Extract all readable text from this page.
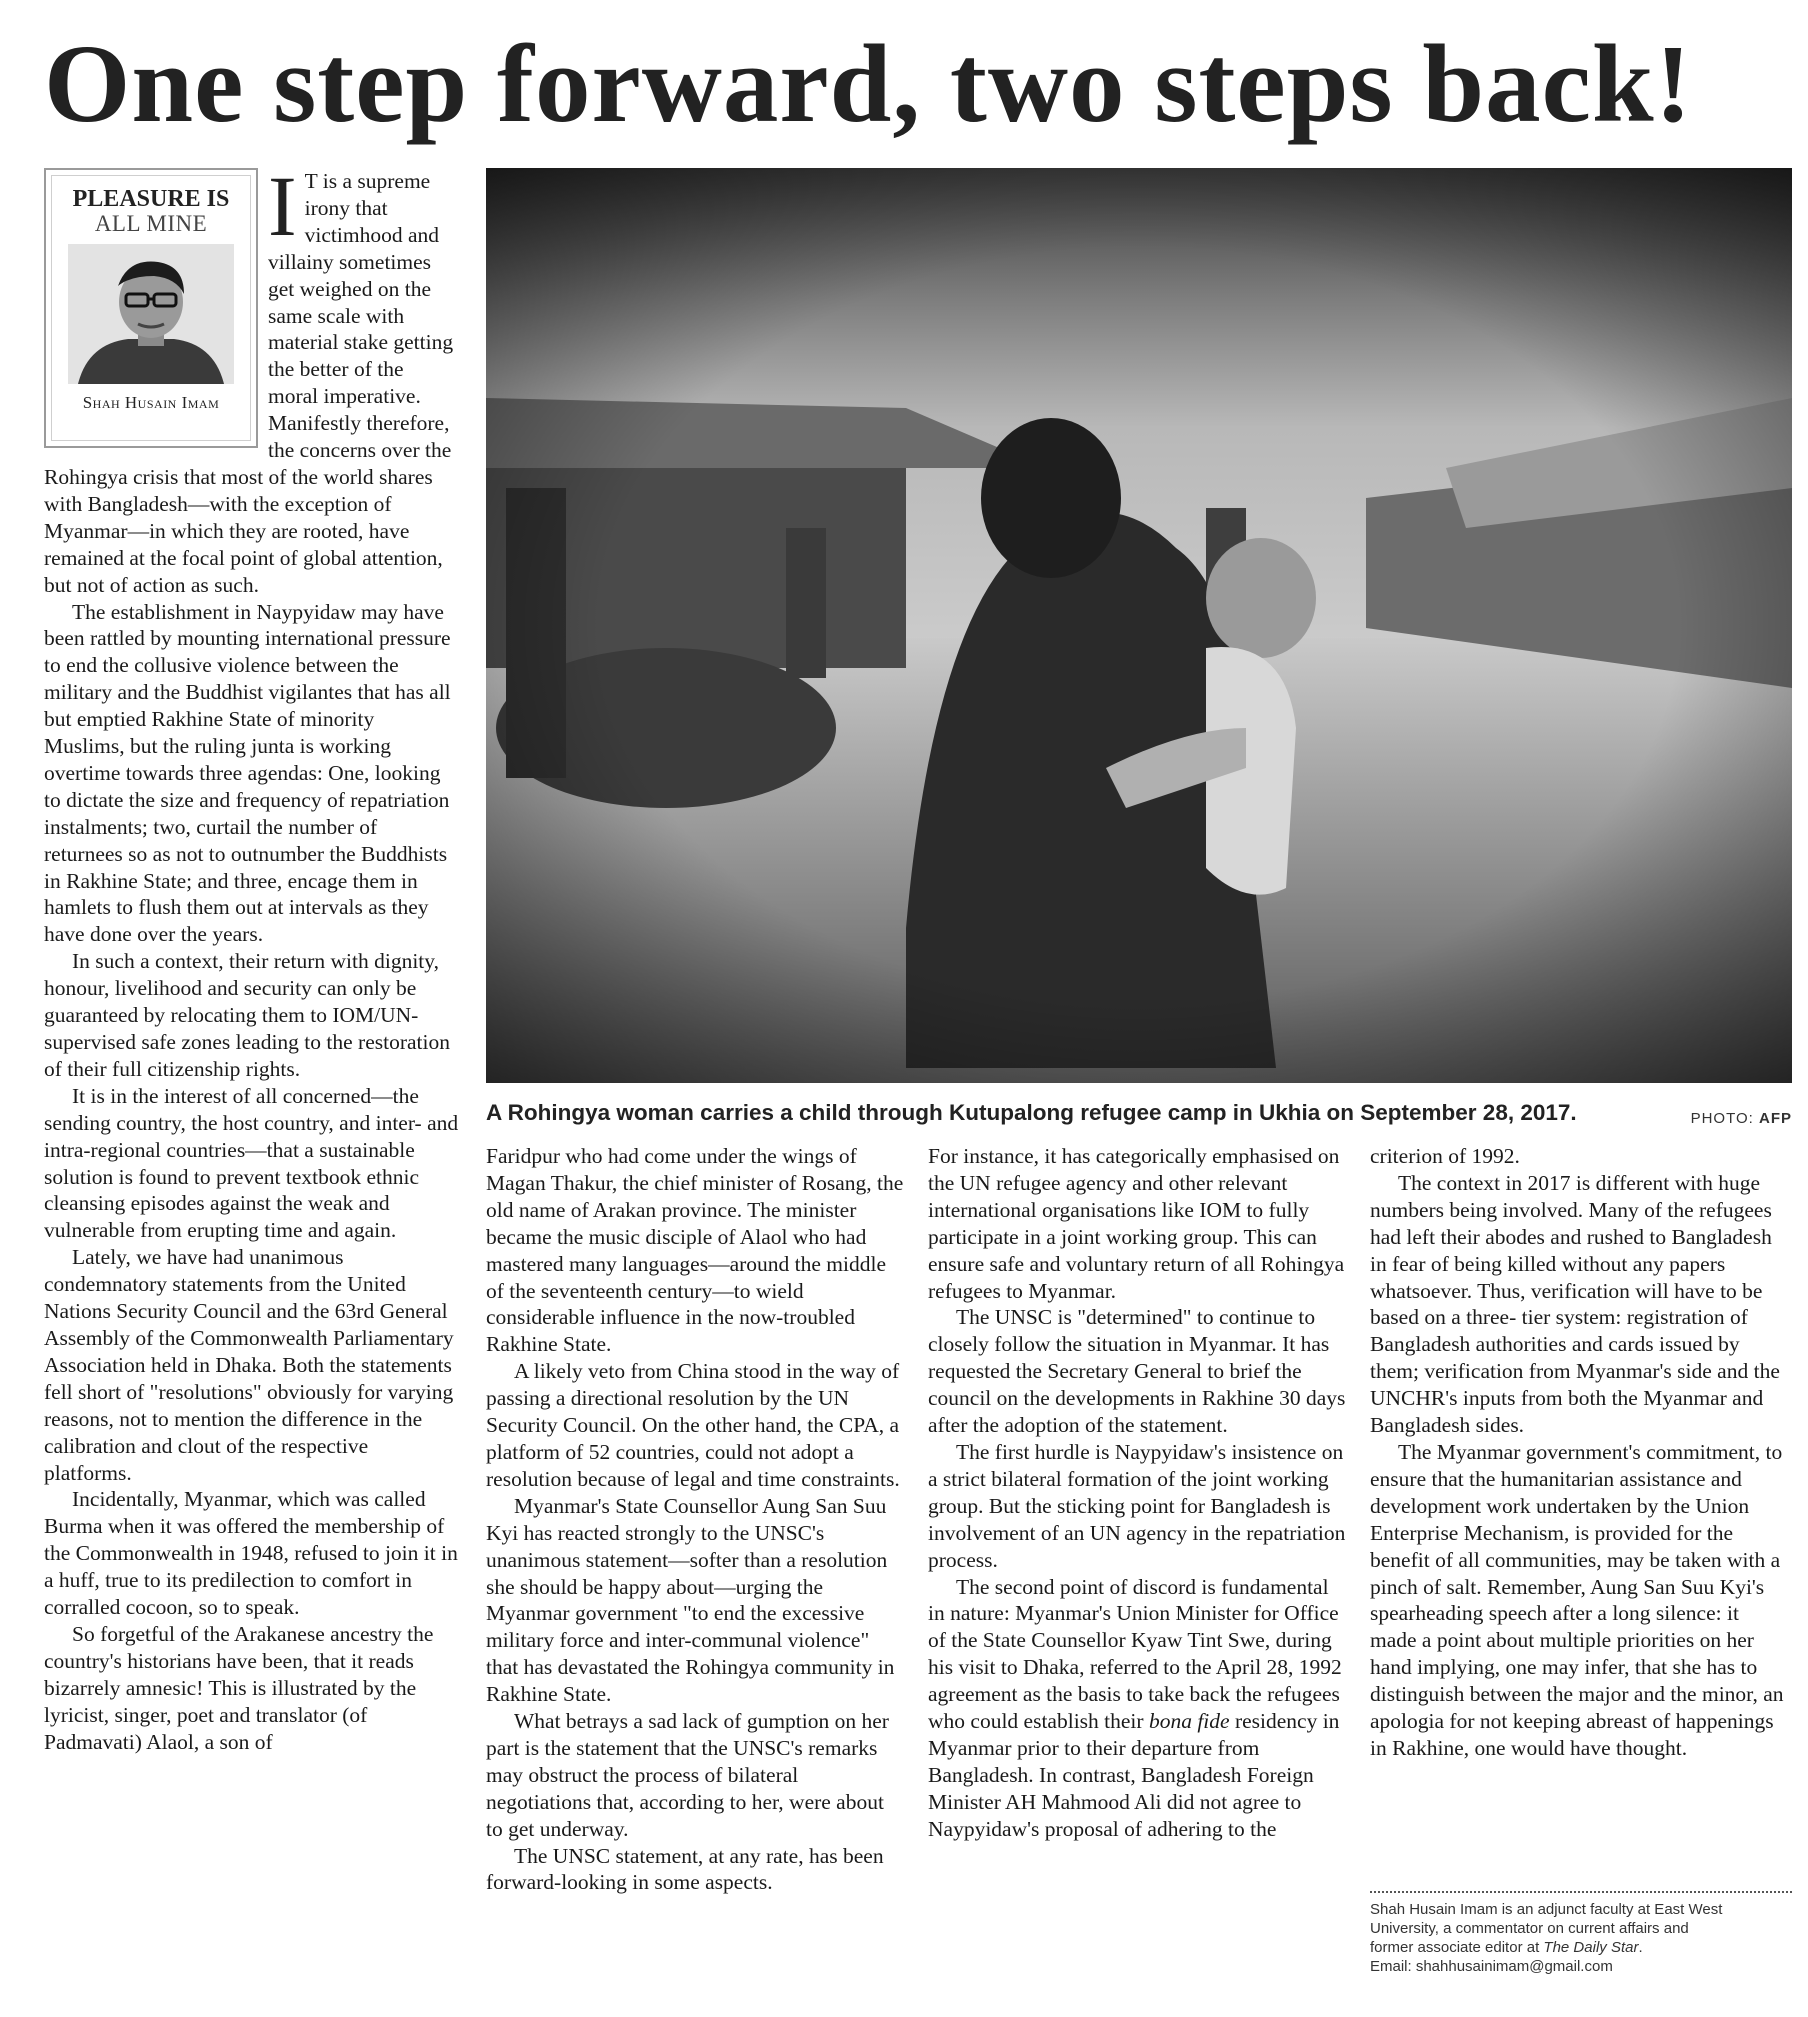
One step forward, two steps back!
PLEASURE IS
ALL MINE
Shah Husain Imam
I T is a supreme irony that victimhood and villainy sometimes get weighed on the same scale with material stake getting the better of the moral imperative. Manifestly therefore, the concerns over the Rohingya crisis that most of the world shares with Bangladesh—with the exception of Myanmar—in which they are rooted, have remained at the focal point of global attention, but not of action as such.

The establishment in Naypyidaw may have been rattled by mounting international pressure to end the collusive violence between the military and the Buddhist vigilantes that has all but emptied Rakhine State of minority Muslims, but the ruling junta is working overtime towards three agendas: One, looking to dictate the size and frequency of repatriation instalments; two, curtail the number of returnees so as not to outnumber the Buddhists in Rakhine State; and three, encage them in hamlets to flush them out at intervals as they have done over the years.

In such a context, their return with dignity, honour, livelihood and security can only be guaranteed by relocating them to IOM/UN-supervised safe zones leading to the restoration of their full citizenship rights.

It is in the interest of all concerned—the sending country, the host country, and inter- and intra-regional countries—that a sustainable solution is found to prevent textbook ethnic cleansing episodes against the weak and vulnerable from erupting time and again.

Lately, we have had unanimous condemnatory statements from the United Nations Security Council and the 63rd General Assembly of the Commonwealth Parliamentary Association held in Dhaka. Both the statements fell short of "resolutions" obviously for varying reasons, not to mention the difference in the calibration and clout of the respective platforms.

Incidentally, Myanmar, which was called Burma when it was offered the membership of the Commonwealth in 1948, refused to join it in a huff, true to its predilection to comfort in corralled cocoon, so to speak.

So forgetful of the Arakanese ancestry the country's historians have been, that it reads bizarrely amnesic! This is illustrated by the lyricist, singer, poet and translator (of Padmavati) Alaol, a son of

A Rohingya woman carries a child through Kutupalong refugee camp in Ukhia on September 28, 2017.	PHOTO: AFP

Faridpur who had come under the wings of Magan Thakur, the chief minister of Rosang, the old name of Arakan province. The minister became the music disciple of Alaol who had mastered many languages—around the middle of the seventeenth century—to wield considerable influence in the now-troubled Rakhine State.

A likely veto from China stood in the way of passing a directional resolution by the UN Security Council. On the other hand, the CPA, a platform of 52 countries, could not adopt a resolution because of legal and time constraints.

Myanmar's State Counsellor Aung San Suu Kyi has reacted strongly to the UNSC's unanimous statement—softer than a resolution she should be happy about—urging the Myanmar government "to end the excessive military force and inter-communal violence" that has devastated the Rohingya community in Rakhine State.

What betrays a sad lack of gumption on her part is the statement that the UNSC's remarks may obstruct the process of bilateral negotiations that, according to her, were about to get underway.

The UNSC statement, at any rate, has been forward-looking in some aspects.

For instance, it has categorically emphasised on the UN refugee agency and other relevant international organisations like IOM to fully participate in a joint working group. This can ensure safe and voluntary return of all Rohingya refugees to Myanmar.

The UNSC is "determined" to continue to closely follow the situation in Myanmar. It has requested the Secretary General to brief the council on the developments in Rakhine 30 days after the adoption of the statement.

The first hurdle is Naypyidaw's insistence on a strict bilateral formation of the joint working group. But the sticking point for Bangladesh is involvement of an UN agency in the repatriation process.

The second point of discord is fundamental in nature: Myanmar's Union Minister for Office of the State Counsellor Kyaw Tint Swe, during his visit to Dhaka, referred to the April 28, 1992 agreement as the basis to take back the refugees who could establish their bona fide residency in Myanmar prior to their departure from Bangladesh. In contrast, Bangladesh Foreign Minister AH Mahmood Ali did not agree to Naypyidaw's proposal of adhering to the

criterion of 1992.

The context in 2017 is different with huge numbers being involved. Many of the refugees had left their abodes and rushed to Bangladesh in fear of being killed without any papers whatsoever. Thus, verification will have to be based on a three- tier system: registration of Bangladesh authorities and cards issued by them; verification from Myanmar's side and the UNCHR's inputs from both the Myanmar and Bangladesh sides.

The Myanmar government's commitment, to ensure that the humanitarian assistance and development work undertaken by the Union Enterprise Mechanism, is provided for the benefit of all communities, may be taken with a pinch of salt. Remember, Aung San Suu Kyi's spearheading speech after a long silence: it made a point about multiple priorities on her hand implying, one may infer, that she has to distinguish between the major and the minor, an apologia for not keeping abreast of happenings in Rakhine, one would have thought.

Shah Husain Imam is an adjunct faculty at East West
University, a commentator on current affairs and
former associate editor at The Daily Star.
Email: shahhusainimam@gmail.com
